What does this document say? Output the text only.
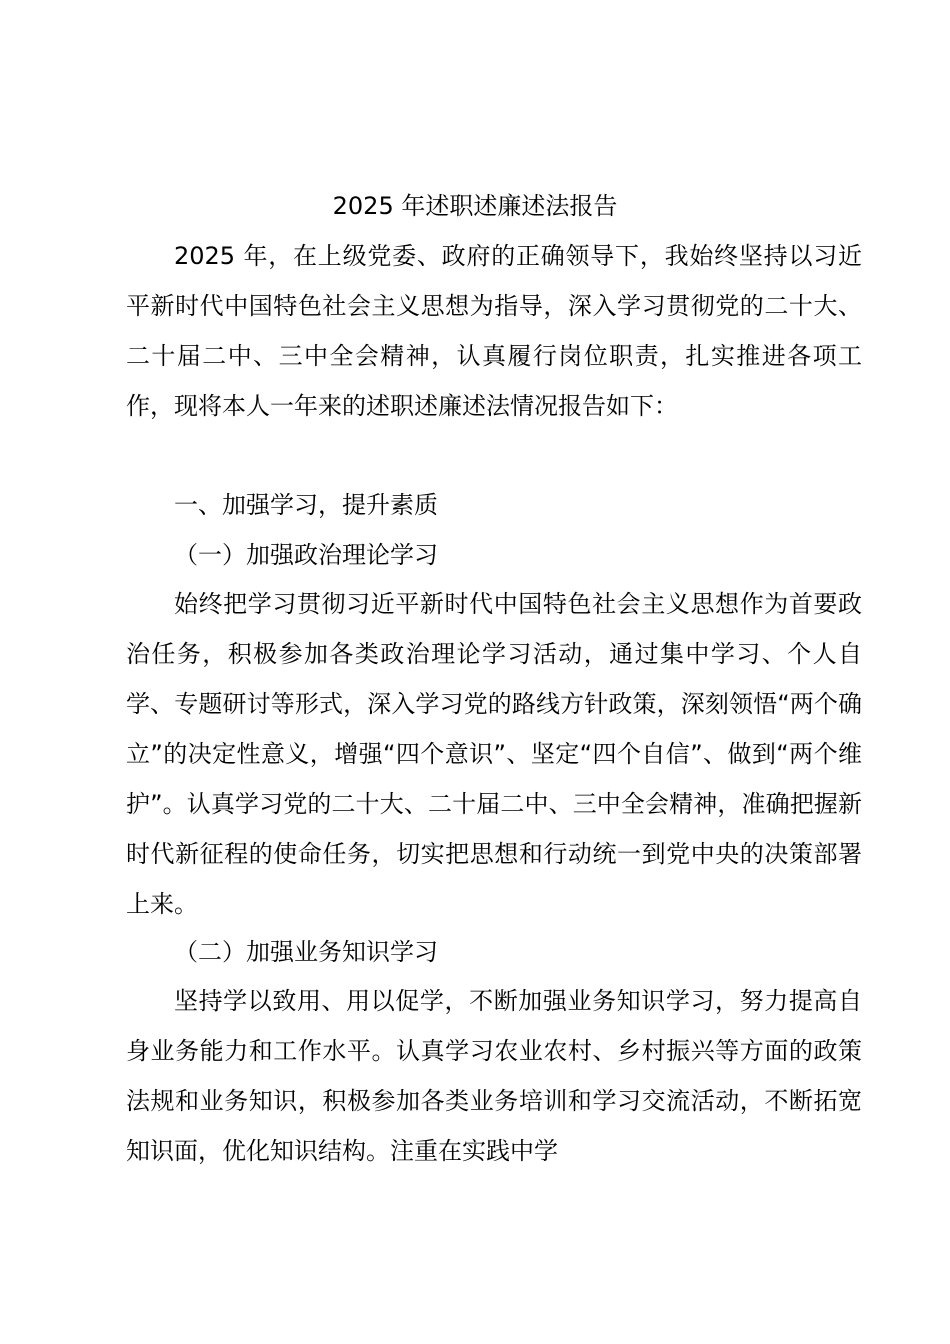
2025 年述职述廉述法报告

2025 年，在上级党委、政府的正确领导下，我始终坚持以习近平新时代中国特色社会主义思想为指导，深入学习贯彻党的二十大、二十届二中、三中全会精神，认真履行岗位职责，扎实推进各项工作，现将本人一年来的述职述廉述法情况报告如下：

一、加强学习，提升素质
（一）加强政治理论学习

始终把学习贯彻习近平新时代中国特色社会主义思想作为首要政治任务，积极参加各类政治理论学习活动，通过集中学习、个人自学、专题研讨等形式，深入学习党的路线方针政策，深刻领悟“两个确立”的决定性意义，增强“四个意识”、坚定“四个自信”、做到“两个维护”。认真学习党的二十大、二十届二中、三中全会精神，准确把握新时代新征程的使命任务，切实把思想和行动统一到党中央的决策部署上来。

（二）加强业务知识学习

坚持学以致用、用以促学，不断加强业务知识学习，努力提高自身业务能力和工作水平。认真学习农业农村、乡村振兴等方面的政策法规和业务知识，积极参加各类业务培训和学习交流活动，不断拓宽知识面，优化知识结构。注重在实践中学
